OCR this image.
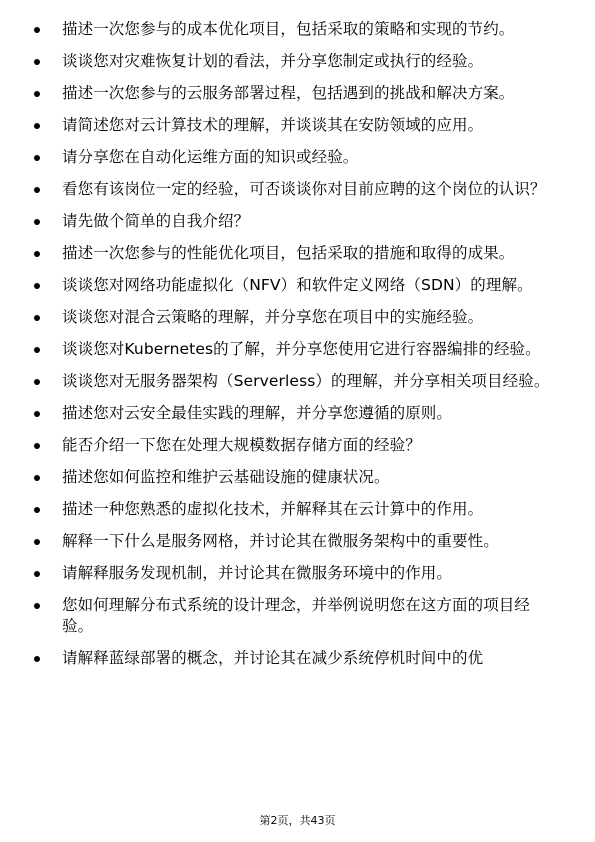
描述一次您参与的成本优化项目，包括采取的策略和实现的节约。
谈谈您对灾难恢复计划的看法，并分享您制定或执行的经验。
描述一次您参与的云服务部署过程，包括遇到的挑战和解决方案。
请简述您对云计算技术的理解，并谈谈其在安防领域的应用。
请分享您在自动化运维方面的知识或经验。
看您有该岗位一定的经验，可否谈谈你对目前应聘的这个岗位的认识？
请先做个简单的自我介绍？
描述一次您参与的性能优化项目，包括采取的措施和取得的成果。
谈谈您对网络功能虚拟化（NFV）和软件定义网络（SDN）的理解。
谈谈您对混合云策略的理解，并分享您在项目中的实施经验。
谈谈您对Kubernetes的了解，并分享您使用它进行容器编排的经验。
谈谈您对无服务器架构（Serverless）的理解，并分享相关项目经验。
描述您对云安全最佳实践的理解，并分享您遵循的原则。
能否介绍一下您在处理大规模数据存储方面的经验？
描述您如何监控和维护云基础设施的健康状况。
描述一种您熟悉的虚拟化技术，并解释其在云计算中的作用。
解释一下什么是服务网格，并讨论其在微服务架构中的重要性。
请解释服务发现机制，并讨论其在微服务环境中的作用。
您如何理解分布式系统的设计理念，并举例说明您在这方面的项目经验。
请解释蓝绿部署的概念，并讨论其在减少系统停机时间中的优
第2页，共43页
